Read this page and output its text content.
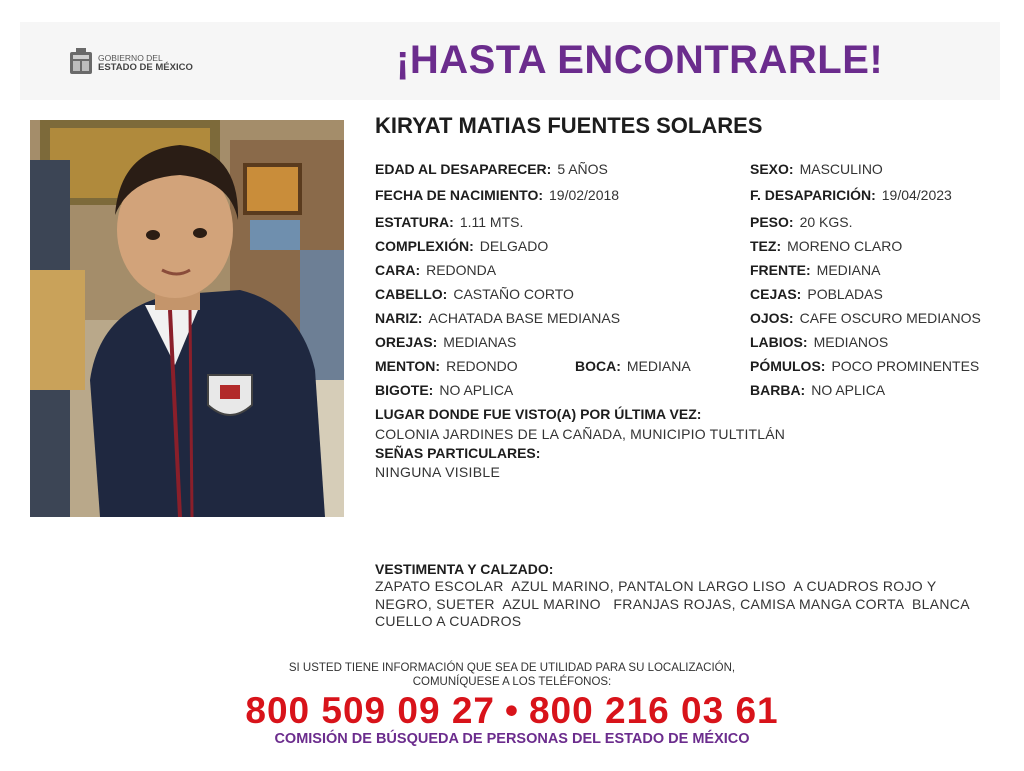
GOBIERNO DEL
ESTADO DE MÉXICO	¡HASTA ENCONTRARLE!
KIRYAT MATIAS FUENTES SOLARES
EDAD AL DESAPARECER: 5 AÑOS
FECHA DE NACIMIENTO: 19/02/2018
ESTATURA: 1.11 MTS.
COMPLEXIÓN: DELGADO
CARA: REDONDA
CABELLO: CASTAÑO CORTO
NARIZ: ACHATADA BASE MEDIANAS
OREJAS: MEDIANAS
MENTON: REDONDO	BOCA: MEDIANA
BIGOTE: NO APLICA
SEXO: MASCULINO
F. DESAPARICIÓN: 19/04/2023
PESO: 20 KGS.
TEZ: MORENO CLARO
FRENTE: MEDIANA
CEJAS: POBLADAS
OJOS: CAFE OSCURO MEDIANOS
LABIOS: MEDIANOS
PÓMULOS: POCO PROMINENTES
BARBA: NO APLICA
LUGAR DONDE FUE VISTO(A) POR ÚLTIMA VEZ:
COLONIA JARDINES DE LA CAÑADA, MUNICIPIO TULTITLÁN
SEÑAS PARTICULARES:
NINGUNA VISIBLE
VESTIMENTA Y CALZADO:
ZAPATO ESCOLAR  AZUL MARINO, PANTALON LARGO LISO  A CUADROS ROJO Y
NEGRO, SUETER  AZUL MARINO   FRANJAS ROJAS, CAMISA MANGA CORTA  BLANCA
CUELLO A CUADROS
SI USTED TIENE INFORMACIÓN QUE SEA DE UTILIDAD PARA SU LOCALIZACIÓN,
COMUNÍQUESE A LOS TELÉFONOS:
800 509 09 27 • 800 216 03 61
COMISIÓN DE BÚSQUEDA DE PERSONAS DEL ESTADO DE MÉXICO
